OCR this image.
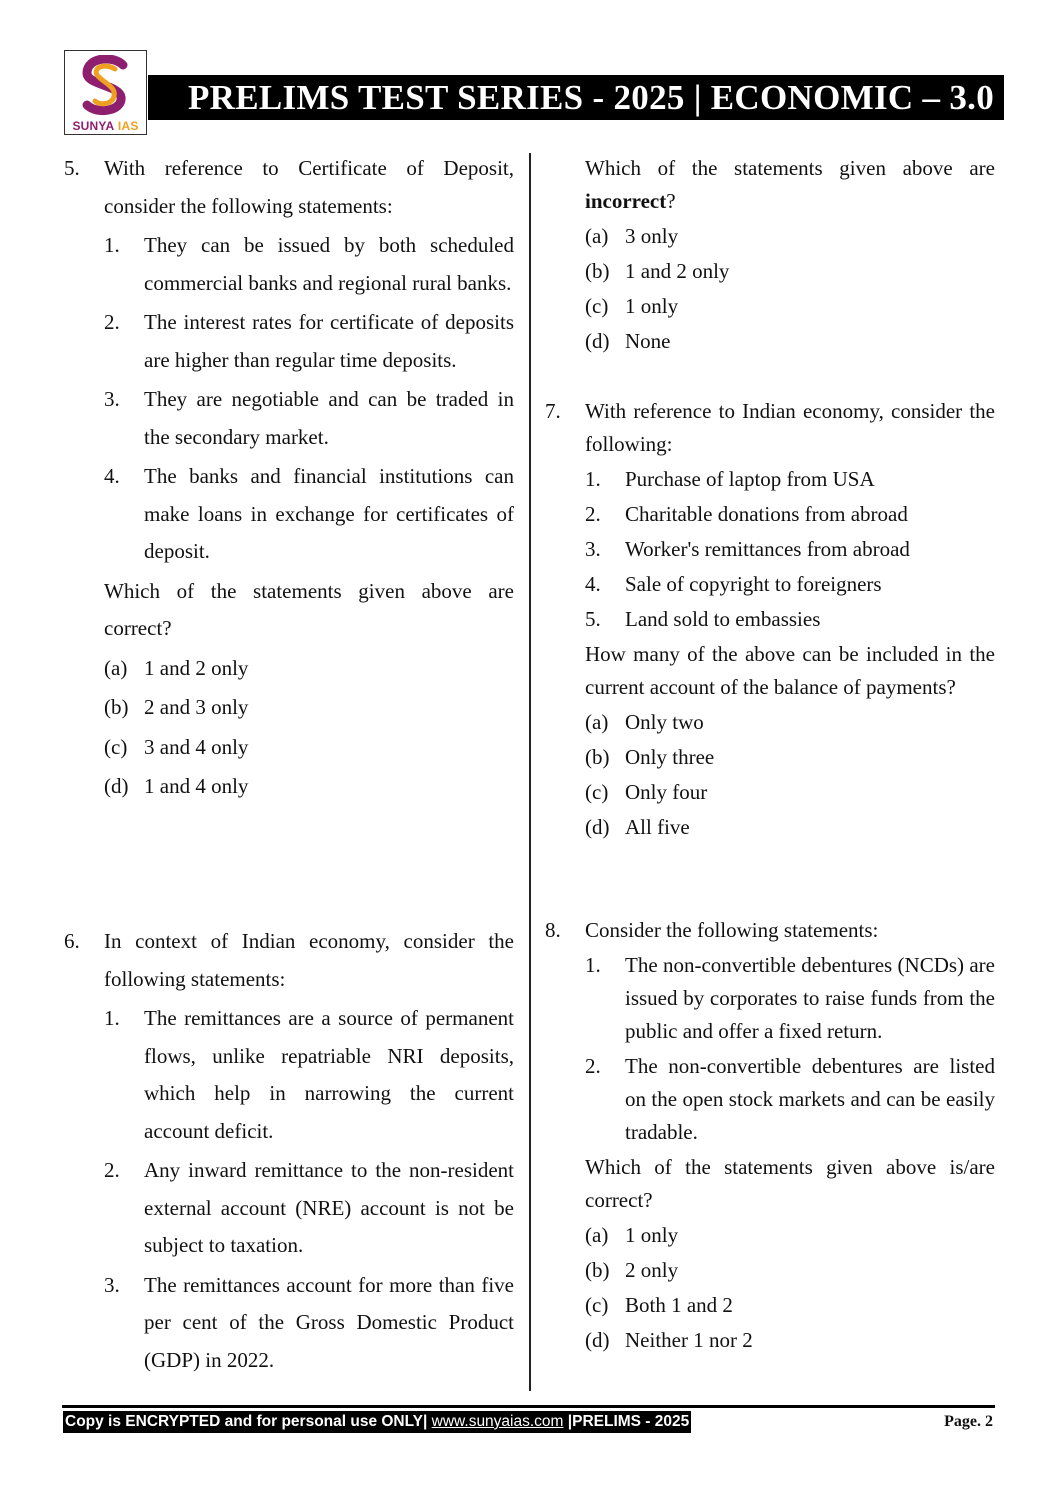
SUNYA IAS
PRELIMS TEST SERIES - 2025 | ECONOMIC – 3.0
5. With reference to Certificate of Deposit, consider the following statements:
1. They can be issued by both scheduled commercial banks and regional rural banks.
2. The interest rates for certificate of deposits are higher than regular time deposits.
3. They are negotiable and can be traded in the secondary market.
4. The banks and financial institutions can make loans in exchange for certificates of deposit.
Which of the statements given above are correct?
(a) 1 and 2 only
(b) 2 and 3 only
(c) 3 and 4 only
(d) 1 and 4 only
6. In context of Indian economy, consider the following statements:
1. The remittances are a source of permanent flows, unlike repatriable NRI deposits, which help in narrowing the current account deficit.
2. Any inward remittance to the non-resident external account (NRE) account is not be subject to taxation.
3. The remittances account for more than five per cent of the Gross Domestic Product (GDP) in 2022.
Which of the statements given above are incorrect?
(a) 3 only
(b) 1 and 2 only
(c) 1 only
(d) None
7. With reference to Indian economy, consider the following:
1. Purchase of laptop from USA
2. Charitable donations from abroad
3. Worker's remittances from abroad
4. Sale of copyright to foreigners
5. Land sold to embassies
How many of the above can be included in the current account of the balance of payments?
(a) Only two
(b) Only three
(c) Only four
(d) All five
8. Consider the following statements:
1. The non-convertible debentures (NCDs) are issued by corporates to raise funds from the public and offer a fixed return.
2. The non-convertible debentures are listed on the open stock markets and can be easily tradable.
Which of the statements given above is/are correct?
(a) 1 only
(b) 2 only
(c) Both 1 and 2
(d) Neither 1 nor 2
Copy is ENCRYPTED and for personal use ONLY| www.sunyaias.com |PRELIMS - 2025	Page. 2
